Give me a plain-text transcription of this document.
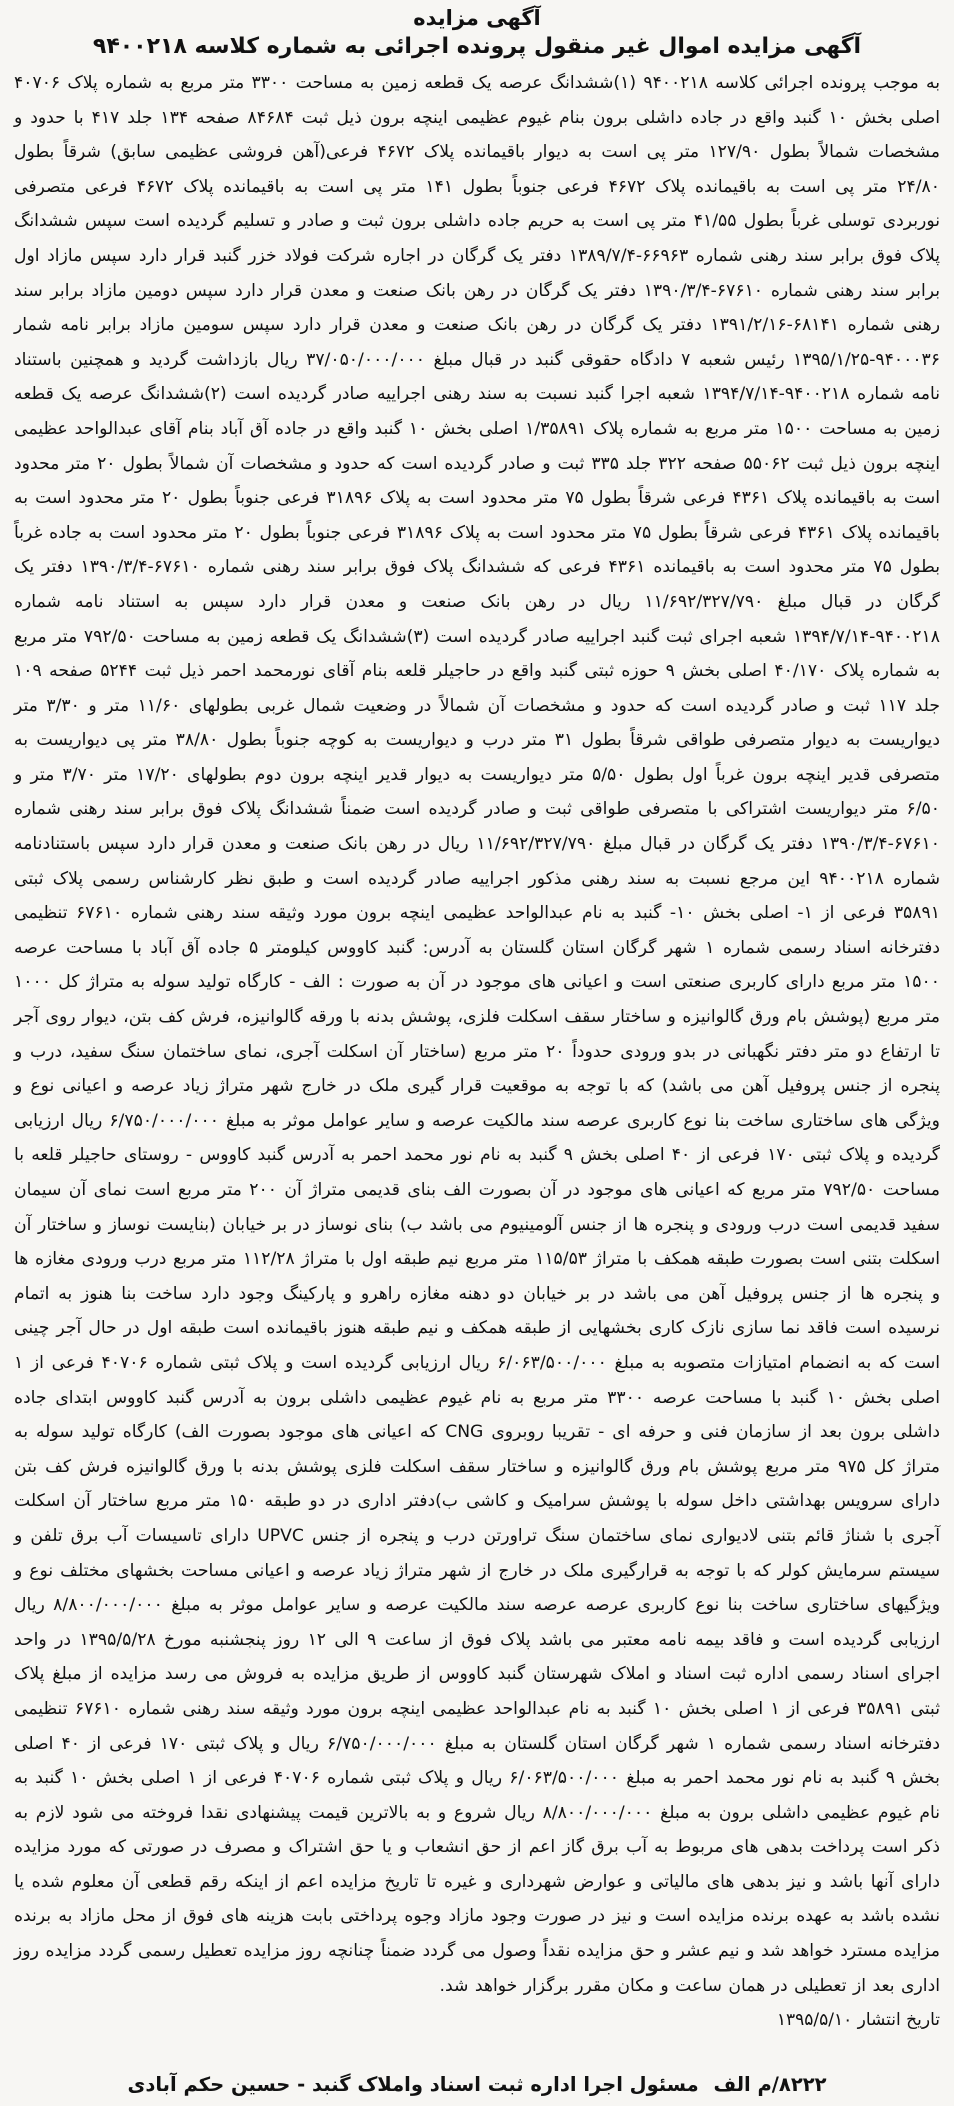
آگهی مزایده

آگهی مزایده اموال غیر منقول پرونده اجرائی به شماره کلاسه ۹۴۰۰۲۱۸

به موجب پرونده اجرائی کلاسه ۹۴۰۰۲۱۸ (۱)ششدانگ عرصه یک قطعه زمین به مساحت ۳۳۰۰ متر مربع به شماره پلاک ۴۰۷۰۶ اصلی بخش ۱۰ گنبد واقع در جاده داشلی برون بنام غیوم عظیمی اینچه برون ذیل ثبت ۸۴۶۸۴ صفحه ۱۳۴ جلد ۴۱۷ با حدود و مشخصات شمالاً بطول ۱۲۷/۹۰ متر پی است به دیوار باقیمانده پلاک ۴۶۷۲ فرعی(آهن فروشی عظیمی سابق) شرقاً بطول ۲۴/۸۰ متر پی است به باقیمانده پلاک ۴۶۷۲ فرعی جنوباً بطول ۱۴۱ متر پی است به باقیمانده پلاک ۴۶۷۲ فرعی متصرفی نوربردی توسلی غرباً بطول ۴۱/۵۵ متر پی است به حریم جاده داشلی برون ثبت و صادر و تسلیم گردیده است سپس ششدانگ پلاک فوق برابر سند رهنی شماره ۶۶۹۶۳-۱۳۸۹/۷/۴ دفتر یک گرگان در اجاره شرکت فولاد خزر گنبد قرار دارد سپس مازاد اول برابر سند رهنی شماره ۶۷۶۱۰-۱۳۹۰/۳/۴ دفتر یک گرگان در رهن بانک صنعت و معدن قرار دارد سپس دومین مازاد برابر سند رهنی شماره ۶۸۱۴۱-۱۳۹۱/۲/۱۶ دفتر یک گرگان در رهن بانک صنعت و معدن قرار دارد سپس سومین مازاد برابر نامه شمار ۹۴۰۰۰۳۶-۱۳۹۵/۱/۲۵ رئیس شعبه ۷ دادگاه حقوقی گنبد در قبال مبلغ ۳۷/۰۵۰/۰۰۰/۰۰۰ ریال بازداشت گردید و همچنین باستناد نامه شماره ۹۴۰۰۲۱۸-۱۳۹۴/۷/۱۴ شعبه اجرا گنبد نسبت به سند رهنی اجراییه صادر گردیده است (۲)ششدانگ عرصه یک قطعه زمین به مساحت ۱۵۰۰ متر مربع به شماره پلاک ۱/۳۵۸۹۱ اصلی بخش ۱۰ گنبد واقع در جاده آق آباد بنام آقای عبدالواحد عظیمی اینچه برون ذیل ثبت ۵۵۰۶۲ صفحه ۳۲۲ جلد ۳۳۵ ثبت و صادر گردیده است که حدود و مشخصات آن شمالاً بطول ۲۰ متر محدود است به باقیمانده پلاک ۴۳۶۱ فرعی شرقاً بطول ۷۵ متر محدود است به پلاک ۳۱۸۹۶ فرعی جنوباً بطول ۲۰ متر محدود است به باقیمانده پلاک ۴۳۶۱ فرعی شرقاً بطول ۷۵ متر محدود است به پلاک ۳۱۸۹۶ فرعی جنوباً بطول ۲۰ متر محدود است به جاده غرباً بطول ۷۵ متر محدود است به باقیمانده ۴۳۶۱ فرعی که ششدانگ پلاک فوق برابر سند رهنی شماره ۶۷۶۱۰-۱۳۹۰/۳/۴ دفتر یک گرگان در قبال مبلغ ۱۱/۶۹۲/۳۲۷/۷۹۰ ریال در رهن بانک صنعت و معدن قرار دارد سپس به استناد نامه شماره ۹۴۰۰۲۱۸-۱۳۹۴/۷/۱۴ شعبه اجرای ثبت گنبد اجراییه صادر گردیده است (۳)ششدانگ یک قطعه زمین به مساحت ۷۹۲/۵۰ متر مربع به شماره پلاک ۴۰/۱۷۰ اصلی بخش ۹ حوزه ثبتی گنبد واقع در حاجیلر قلعه بنام آقای نورمحمد احمر ذیل ثبت ۵۲۴۴ صفحه ۱۰۹ جلد ۱۱۷ ثبت و صادر گردیده است که حدود و مشخصات آن شمالاً در وضعیت شمال غربی بطولهای ۱۱/۶۰ متر و ۳/۳۰ متر دیواریست به دیوار متصرفی طواقی شرقاً بطول ۳۱ متر درب و دیواریست به کوچه جنوباً بطول ۳۸/۸۰ متر پی دیواریست به متصرفی قدیر اینچه برون غرباً اول بطول ۵/۵۰ متر دیواریست به دیوار قدیر اینچه برون دوم بطولهای ۱۷/۲۰ متر ۳/۷۰ متر و ۶/۵۰ متر دیواریست اشتراکی با متصرفی طواقی ثبت و صادر گردیده است ضمناً ششدانگ پلاک فوق برابر سند رهنی شماره ۶۷۶۱۰-۱۳۹۰/۳/۴ دفتر یک گرگان در قبال مبلغ ۱۱/۶۹۲/۳۲۷/۷۹۰ ریال در رهن بانک صنعت و معدن قرار دارد سپس باستنادنامه شماره ۹۴۰۰۲۱۸ این مرجع نسبت به سند رهنی مذکور اجراییه صادر گردیده است و طبق نظر کارشناس رسمی پلاک ثبتی ۳۵۸۹۱ فرعی از ۱- اصلی بخش ۱۰- گنبد به نام عبدالواحد عظیمی اینچه برون مورد وثیقه سند رهنی شماره ۶۷۶۱۰ تنظیمی دفترخانه اسناد رسمی شماره ۱ شهر گرگان استان گلستان به آدرس: گنبد کاووس کیلومتر ۵ جاده آق آباد با مساحت عرصه ۱۵۰۰ متر مربع دارای کاربری صنعتی است و اعیانی های موجود در آن به صورت : الف - کارگاه تولید سوله به متراژ کل ۱۰۰۰ متر مربع (پوشش بام ورق گالوانیزه و ساختار سقف اسکلت فلزی، پوشش بدنه با ورقه گالوانیزه، فرش کف بتن، دیوار روی آجر تا ارتفاع دو متر دفتر نگهبانی در بدو ورودی حدوداً ۲۰ متر مربع (ساختار آن اسکلت آجری، نمای ساختمان سنگ سفید، درب و پنجره از جنس پروفیل آهن می باشد) که با توجه به موقعیت قرار گیری ملک در خارج شهر متراژ زیاد عرصه و اعیانی نوع و ویژگی های ساختاری ساخت بنا نوع کاربری عرصه سند مالکیت عرصه و سایر عوامل موثر به مبلغ ۶/۷۵۰/۰۰۰/۰۰۰ ریال ارزیابی گردیده و پلاک ثبتی ۱۷۰ فرعی از ۴۰ اصلی بخش ۹ گنبد به نام نور محمد احمر به آدرس گنبد کاووس - روستای حاجیلر قلعه با مساحت ۷۹۲/۵۰ متر مربع که اعیانی های موجود در آن بصورت الف بنای قدیمی متراژ آن ۲۰۰ متر مربع است نمای آن سیمان سفید قدیمی است درب ورودی و پنجره ها از جنس آلومینیوم می باشد ب) بنای نوساز در بر خیابان (بنایست نوساز و ساختار آن اسکلت بتنی است بصورت طبقه همکف با متراژ ۱۱۵/۵۳ متر مربع نیم طبقه اول با متراژ ۱۱۲/۲۸ متر مربع درب ورودی مغازه ها و پنجره ها از جنس پروفیل آهن می باشد در بر خیابان دو دهنه مغازه راهرو و پارکینگ وجود دارد ساخت بنا هنوز به اتمام نرسیده است فاقد نما سازی نازک کاری بخشهایی از طبقه همکف و نیم طبقه هنوز باقیمانده است طبقه اول در حال آجر چینی است که به انضمام امتیازات متصوبه به مبلغ ۶/۰۶۳/۵۰۰/۰۰۰ ریال ارزیابی گردیده است و پلاک ثبتی شماره ۴۰۷۰۶ فرعی از ۱ اصلی بخش ۱۰ گنبد با مساحت عرصه ۳۳۰۰ متر مربع به نام غیوم عظیمی داشلی برون به آدرس گنبد کاووس ابتدای جاده داشلی برون بعد از سازمان فنی و حرفه ای - تقریبا روبروی CNG که اعیانی های موجود بصورت الف) کارگاه تولید سوله به متراژ کل ۹۷۵ متر مربع پوشش بام ورق گالوانیزه و ساختار سقف اسکلت فلزی پوشش بدنه با ورق گالوانیزه فرش کف بتن دارای سرویس بهداشتی داخل سوله با پوشش سرامیک و کاشی ب)دفتر اداری در دو طبقه ۱۵۰ متر مربع ساختار آن اسکلت آجری با شناژ قائم بتنی لادیواری نمای ساختمان سنگ تراورتن درب و پنجره از جنس UPVC دارای تاسیسات آب برق تلفن و سیستم سرمایش کولر که با توجه به قرارگیری ملک در خارج از شهر متراژ زیاد عرصه و اعیانی مساحت بخشهای مختلف نوع و ویژگیهای ساختاری ساخت بنا نوع کاربری عرصه عرصه سند مالکیت عرصه و سایر عوامل موثر به مبلغ ۸/۸۰۰/۰۰۰/۰۰۰ ریال ارزیابی گردیده است و فاقد بیمه نامه معتبر می باشد پلاک فوق از ساعت ۹ الی ۱۲ روز پنجشنبه مورخ ۱۳۹۵/۵/۲۸ در واحد اجرای اسناد رسمی اداره ثبت اسناد و املاک شهرستان گنبد کاووس از طریق مزایده به فروش می رسد مزایده از مبلغ پلاک ثبتی ۳۵۸۹۱ فرعی از ۱ اصلی بخش ۱۰ گنبد به نام عبدالواحد عظیمی اینچه برون مورد وثیقه سند رهنی شماره ۶۷۶۱۰ تنظیمی دفترخانه اسناد رسمی شماره ۱ شهر گرگان استان گلستان به مبلغ ۶/۷۵۰/۰۰۰/۰۰۰ ریال و پلاک ثبتی ۱۷۰ فرعی از ۴۰ اصلی بخش ۹ گنبد به نام نور محمد احمر به مبلغ ۶/۰۶۳/۵۰۰/۰۰۰ ریال و پلاک ثبتی شماره ۴۰۷۰۶ فرعی از ۱ اصلی بخش ۱۰ گنبد به نام غیوم عظیمی داشلی برون به مبلغ ۸/۸۰۰/۰۰۰/۰۰۰ ریال شروع و به بالاترین قیمت پیشنهادی نقدا فروخته می شود لازم به ذکر است پرداخت بدهی های مربوط به آب برق گاز اعم از حق انشعاب و یا حق اشتراک و مصرف در صورتی که مورد مزایده دارای آنها باشد و نیز بدهی های مالیاتی و عوارض شهرداری و غیره تا تاریخ مزایده اعم از اینکه رقم قطعی آن معلوم شده یا نشده باشد به عهده برنده مزایده است و نیز در صورت وجود مازاد وجوه پرداختی بابت هزینه های فوق از محل مازاد به برنده مزایده مسترد خواهد شد و نیم عشر و حق مزایده نقداً وصول می گردد ضمناً چنانچه روز مزایده تعطیل رسمی گردد مزایده روز اداری بعد از تعطیلی در همان ساعت و مکان مقرر برگزار خواهد شد.

تاریخ انتشار ۱۳۹۵/۵/۱۰

۸۲۲۲/م الف مسئول اجرا اداره ثبت اسناد واملاک گنبد - حسین حکم آبادی
